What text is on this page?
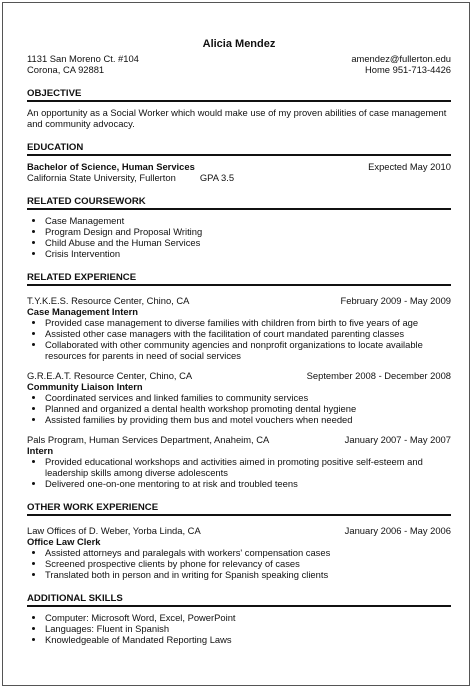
Alicia Mendez
1131 San Moreno Ct. #104
Corona, CA 92881
amendez@fullerton.edu
Home 951-713-4426
OBJECTIVE
An opportunity as a Social Worker which would make use of my proven abilities of case management and community advocacy.
EDUCATION
Bachelor of Science, Human Services	Expected May 2010
California State University, Fullerton	GPA 3.5
RELATED COURSEWORK
• Case Management
• Program Design and Proposal Writing
• Child Abuse and the Human Services
• Crisis Intervention
RELATED EXPERIENCE
T.Y.K.E.S. Resource Center, Chino, CA	February 2009 - May 2009
Case Management Intern
• Provided case management to diverse families with children from birth to five years of age
• Assisted other case managers with the facilitation of court mandated parenting classes
• Collaborated with other community agencies and nonprofit organizations to locate available resources for parents in need of social services
G.R.E.A.T. Resource Center, Chino, CA	September 2008 - December 2008
Community Liaison Intern
• Coordinated services and linked families to community services
• Planned and organized a dental health workshop promoting dental hygiene
• Assisted families by providing them bus and motel vouchers when needed
Pals Program, Human Services Department, Anaheim, CA	January 2007 - May 2007
Intern
• Provided educational workshops and activities aimed in promoting positive self-esteem and leadership skills among diverse adolescents
• Delivered one-on-one mentoring to at risk and troubled teens
OTHER WORK EXPERIENCE
Law Offices of D. Weber, Yorba Linda, CA	January 2006 - May 2006
Office Law Clerk
• Assisted attorneys and paralegals with workers' compensation cases
• Screened prospective clients by phone for relevancy of cases
• Translated both in person and in writing for Spanish speaking clients
ADDITIONAL SKILLS
• Computer: Microsoft Word, Excel, PowerPoint
• Languages: Fluent in Spanish
• Knowledgeable of Mandated Reporting Laws
